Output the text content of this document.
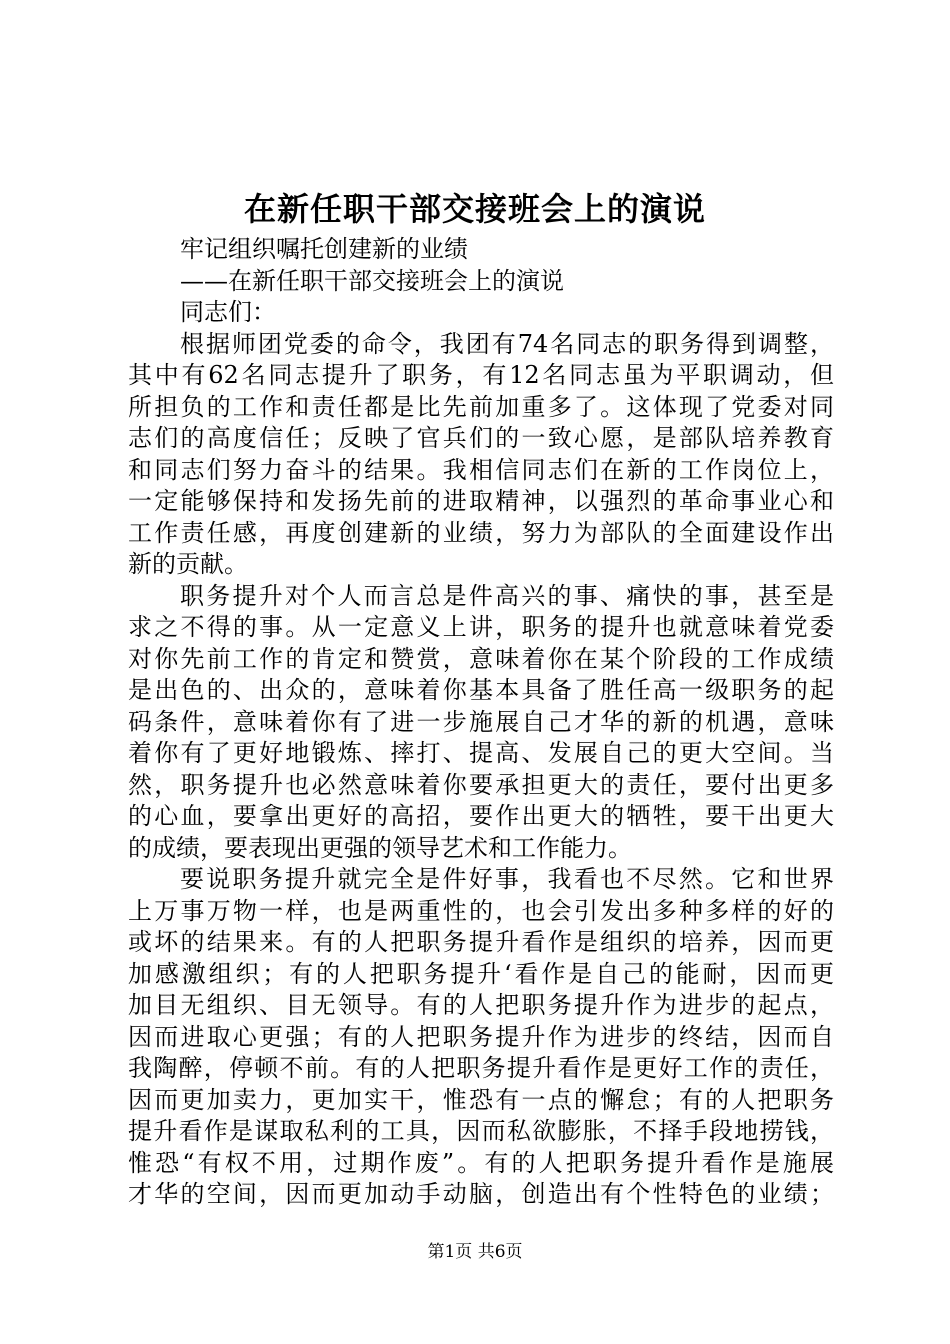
在新任职干部交接班会上的演说
牢记组织嘱托创建新的业绩
——在新任职干部交接班会上的演说
同志们：
根据师团党委的命令，我团有74名同志的职务得到调整，
其中有62名同志提升了职务，有12名同志虽为平职调动，但
所担负的工作和责任都是比先前加重多了。这体现了党委对同
志们的高度信任；反映了官兵们的一致心愿，是部队培养教育
和同志们努力奋斗的结果。我相信同志们在新的工作岗位上，
一定能够保持和发扬先前的进取精神，以强烈的革命事业心和
工作责任感，再度创建新的业绩，努力为部队的全面建设作出
新的贡献。
职务提升对个人而言总是件高兴的事、痛快的事，甚至是
求之不得的事。从一定意义上讲，职务的提升也就意味着党委
对你先前工作的肯定和赞赏，意味着你在某个阶段的工作成绩
是出色的、出众的，意味着你基本具备了胜任高一级职务的起
码条件，意味着你有了进一步施展自己才华的新的机遇，意味
着你有了更好地锻炼、摔打、提高、发展自己的更大空间。当
然，职务提升也必然意味着你要承担更大的责任，要付出更多
的心血，要拿出更好的高招，要作出更大的牺牲，要干出更大
的成绩，要表现出更强的领导艺术和工作能力。
要说职务提升就完全是件好事，我看也不尽然。它和世界
上万事万物一样，也是两重性的，也会引发出多种多样的好的
或坏的结果来。有的人把职务提升看作是组织的培养，因而更
加感激组织；有的人把职务提升‘看作是自己的能耐，因而更
加目无组织、目无领导。有的人把职务提升作为进步的起点，
因而进取心更强；有的人把职务提升作为进步的终结，因而自
我陶醉，停顿不前。有的人把职务提升看作是更好工作的责任，
因而更加卖力，更加实干，惟恐有一点的懈怠；有的人把职务
提升看作是谋取私利的工具，因而私欲膨胀，不择手段地捞钱，
惟恐“有权不用，过期作废”。有的人把职务提升看作是施展
才华的空间，因而更加动手动脑，创造出有个性特色的业绩；
第1页 共6页
